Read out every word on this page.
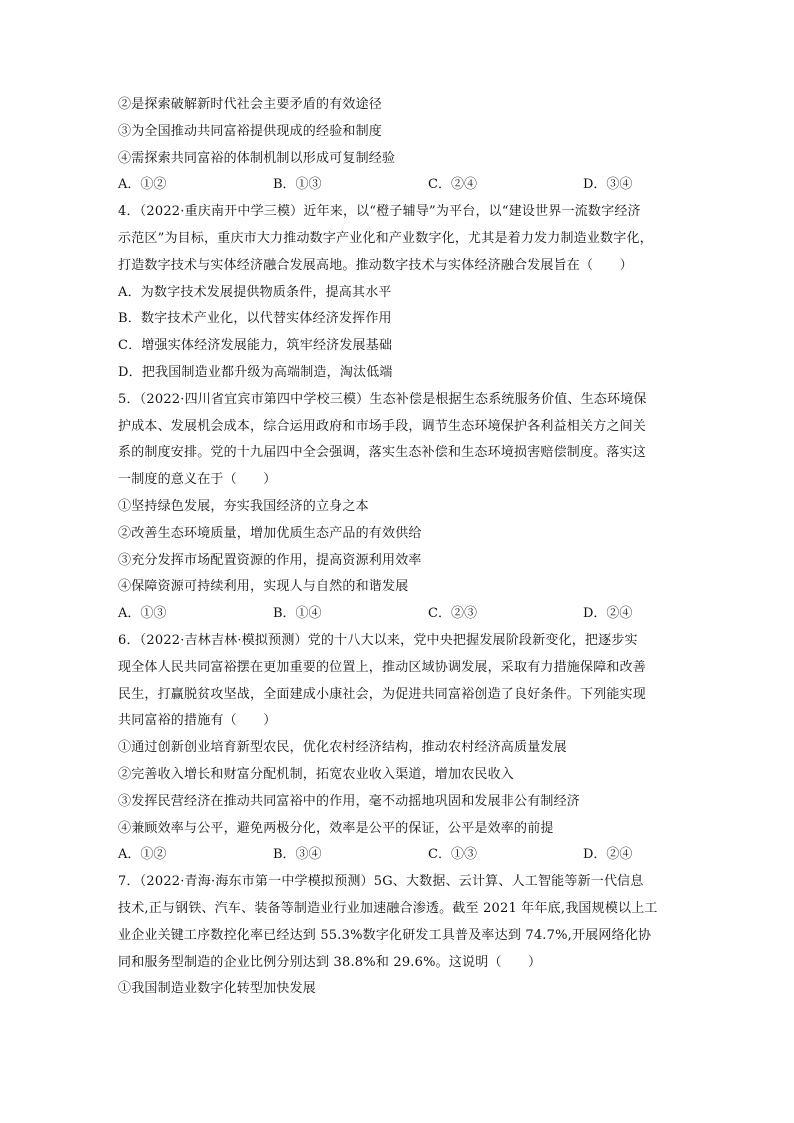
②是探索破解新时代社会主要矛盾的有效途径
③为全国推动共同富裕提供现成的经验和制度
④需探索共同富裕的体制机制以形成可复制经验
A．①②	B．①③	C．②④	D．③④
4．（2022·重庆南开中学三模）近年来，以“橙子辅导”为平台，以“建设世界一流数字经济
示范区”为目标，重庆市大力推动数字产业化和产业数字化，尤其是着力发力制造业数字化，
打造数字技术与实体经济融合发展高地。推动数字技术与实体经济融合发展旨在（　　）
A．为数字技术发展提供物质条件，提高其水平
B．数字技术产业化，以代替实体经济发挥作用
C．增强实体经济发展能力，筑牢经济发展基础
D．把我国制造业都升级为高端制造，淘汰低端
5．（2022·四川省宜宾市第四中学校三模）生态补偿是根据生态系统服务价值、生态环境保
护成本、发展机会成本，综合运用政府和市场手段，调节生态环境保护各利益相关方之间关
系的制度安排。党的十九届四中全会强调，落实生态补偿和生态环境损害赔偿制度。落实这
一制度的意义在于（　　）
①坚持绿色发展，夯实我国经济的立身之本
②改善生态环境质量，增加优质生态产品的有效供给
③充分发挥市场配置资源的作用，提高资源利用效率
④保障资源可持续利用，实现人与自然的和谐发展
A．①③	B．①④	C．②③	D．②④
6．（2022·吉林吉林·模拟预测）党的十八大以来，党中央把握发展阶段新变化，把逐步实
现全体人民共同富裕摆在更加重要的位置上，推动区域协调发展，采取有力措施保障和改善
民生，打赢脱贫攻坚战，全面建成小康社会，为促进共同富裕创造了良好条件。下列能实现
共同富裕的措施有（　　）
①通过创新创业培育新型农民，优化农村经济结构，推动农村经济高质量发展
②完善收入增长和财富分配机制，拓宽农业收入渠道，增加农民收入
③发挥民营经济在推动共同富裕中的作用，毫不动摇地巩固和发展非公有制经济
④兼顾效率与公平，避免两极分化，效率是公平的保证，公平是效率的前提
A．①②	B．③④	C．①③	D．②④
7．（2022·青海·海东市第一中学模拟预测）5G、大数据、云计算、人工智能等新一代信息
技术,正与钢铁、汽车、装备等制造业行业加速融合渗透。截至 2021 年年底,我国规模以上工
业企业关键工序数控化率已经达到 55.3%数字化研发工具普及率达到 74.7%,开展网络化协
同和服务型制造的企业比例分别达到 38.8%和 29.6%。这说明（　　）
①我国制造业数字化转型加快发展
